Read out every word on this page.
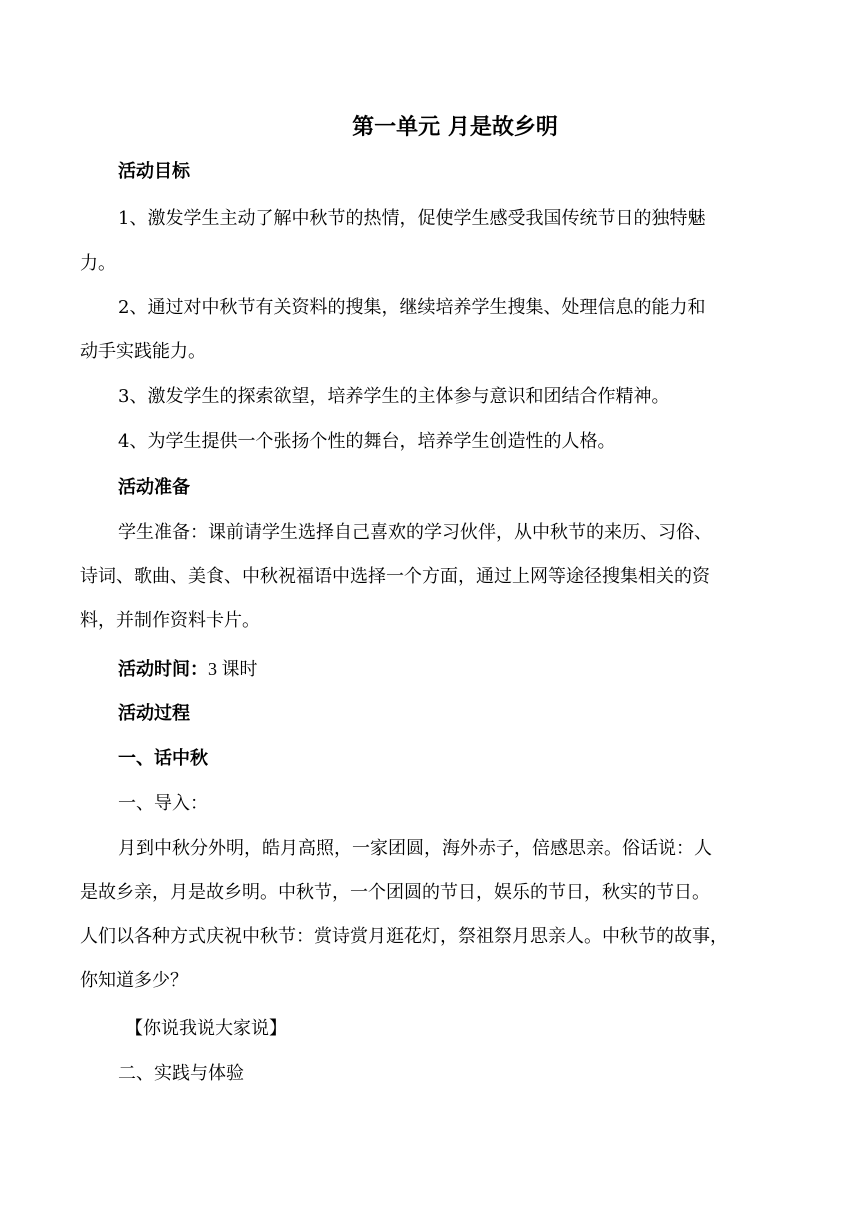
第一单元 月是故乡明
活动目标
1、激发学生主动了解中秋节的热情，促使学生感受我国传统节日的独特魅
力。
2、通过对中秋节有关资料的搜集，继续培养学生搜集、处理信息的能力和
动手实践能力。
3、激发学生的探索欲望，培养学生的主体参与意识和团结合作精神。
4、为学生提供一个张扬个性的舞台，培养学生创造性的人格。
活动准备
学生准备：课前请学生选择自己喜欢的学习伙伴，从中秋节的来历、习俗、
诗词、歌曲、美食、中秋祝福语中选择一个方面，通过上网等途径搜集相关的资
料，并制作资料卡片。
活动时间：3 课时
活动过程
一、话中秋
一、导入：
月到中秋分外明，皓月高照，一家团圆，海外赤子，倍感思亲。俗话说：人
是故乡亲，月是故乡明。中秋节，一个团圆的节日，娱乐的节日，秋实的节日。
人们以各种方式庆祝中秋节：赏诗赏月逛花灯，祭祖祭月思亲人。中秋节的故事，
你知道多少？
【你说我说大家说】
二、实践与体验
